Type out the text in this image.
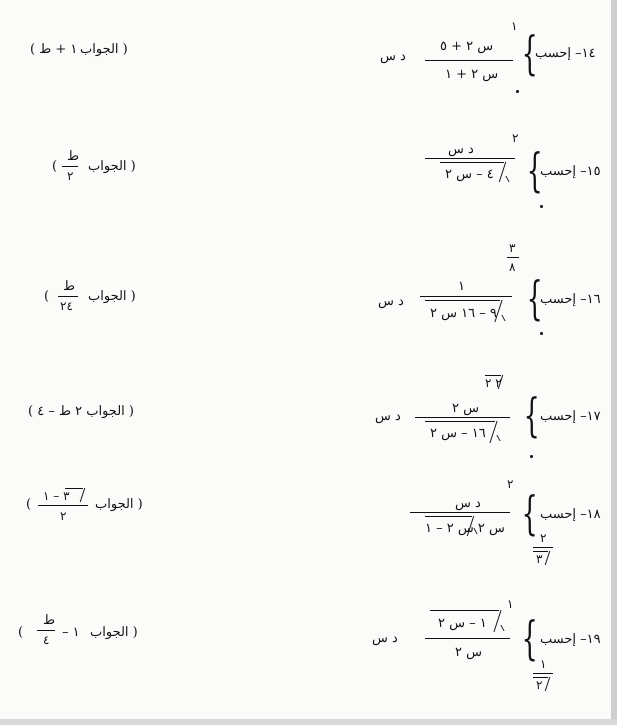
١٤– إحسب
{
١
س ٢ + ٥
س ٢ + ١
د س
( الجواب
١ + ط )
١٥– إحسب
{
٢
د س
٤ – س ٢
( الجواب
ط
٢
)
١٦– إحسب
{
٣
٨
١
٩ – ١٦ س ٢
د س
( الجواب
ط
٢٤
)
١٧– إحسب
{
٢ ٢
س ٢
١٦ – س ٢
د س
( الجواب ٢ ط – ٤ )
١٨– إحسب
{
٢
٢
٣
د س
س ٢ س ٢ – ١
( الجواب
٣ – ١
٢
)
١٩– إحسب
{
١
١
٢
١ – س ٢
س ٢
د س
( الجواب
١ –
ط
٤
)
